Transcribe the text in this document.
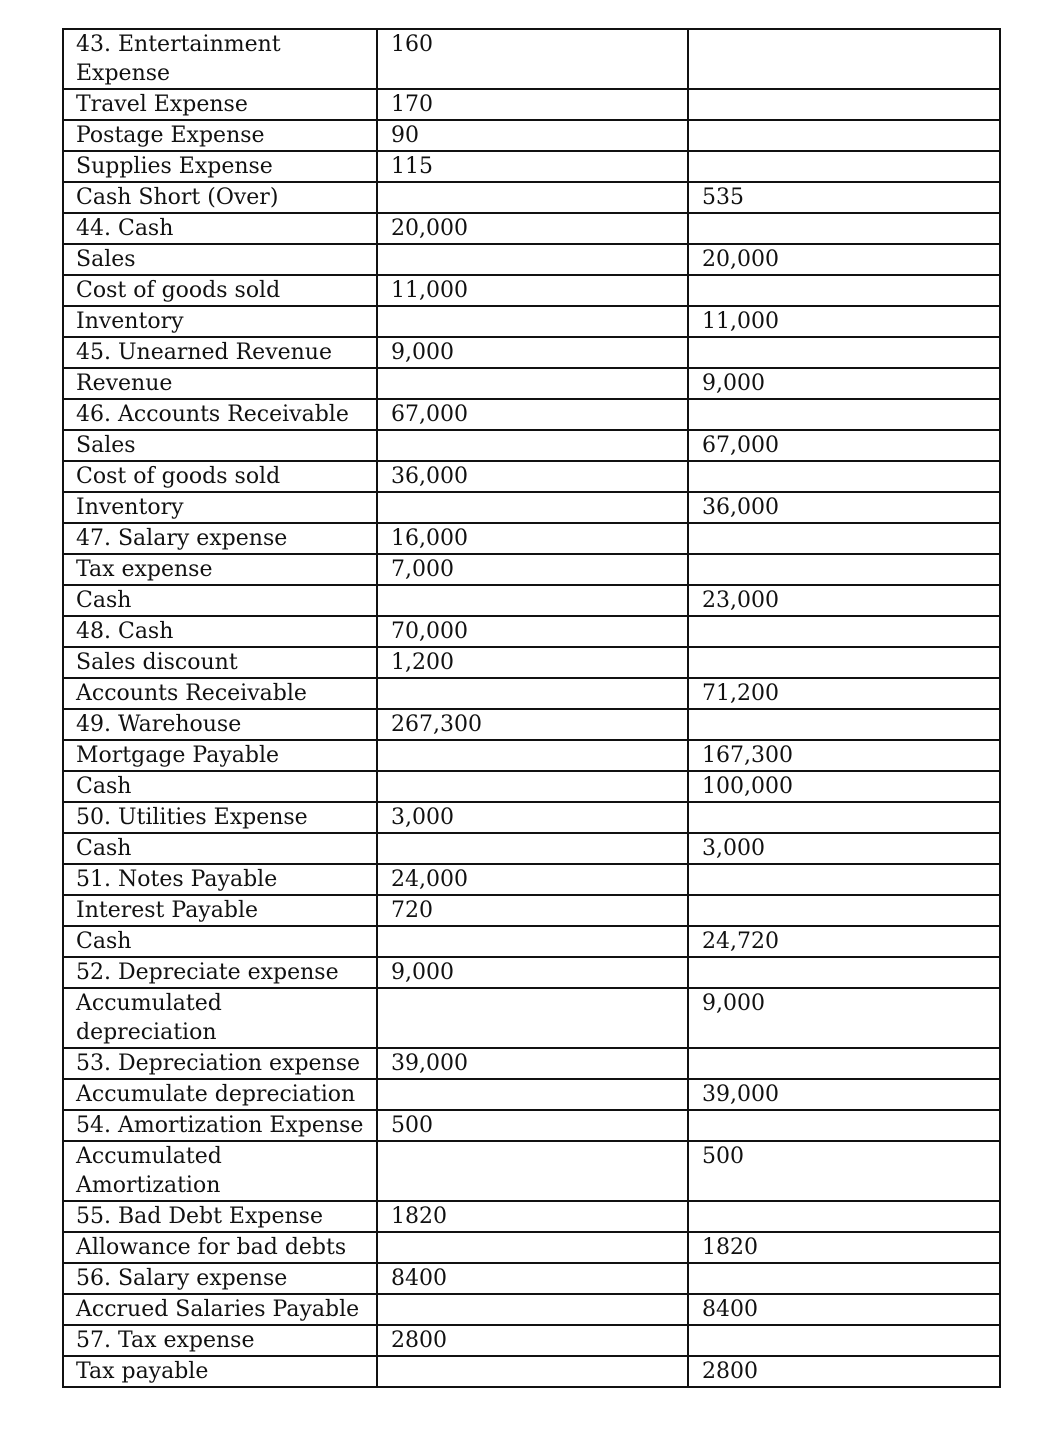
43. Entertainment Expense	160	
Travel Expense	170	
Postage Expense	90	
Supplies Expense	115	
Cash Short (Over)		535
44. Cash	20,000	
Sales		20,000
Cost of goods sold	11,000	
Inventory		11,000
45. Unearned Revenue	9,000	
Revenue		9,000
46. Accounts Receivable	67,000	
Sales		67,000
Cost of goods sold	36,000	
Inventory		36,000
47. Salary expense	16,000	
Tax expense	7,000	
Cash		23,000
48. Cash	70,000	
Sales discount	1,200	
Accounts Receivable		71,200
49. Warehouse	267,300	
Mortgage Payable		167,300
Cash		100,000
50. Utilities Expense	3,000	
Cash		3,000
51. Notes Payable	24,000	
Interest Payable	720	
Cash		24,720
52. Depreciate expense	9,000	
Accumulated depreciation		9,000
53. Depreciation expense	39,000	
Accumulate depreciation		39,000
54. Amortization Expense	500	
Accumulated Amortization		500
55. Bad Debt Expense	1820	
Allowance for bad debts		1820
56. Salary expense	8400	
Accrued Salaries Payable		8400
57. Tax expense	2800	
Tax payable		2800
